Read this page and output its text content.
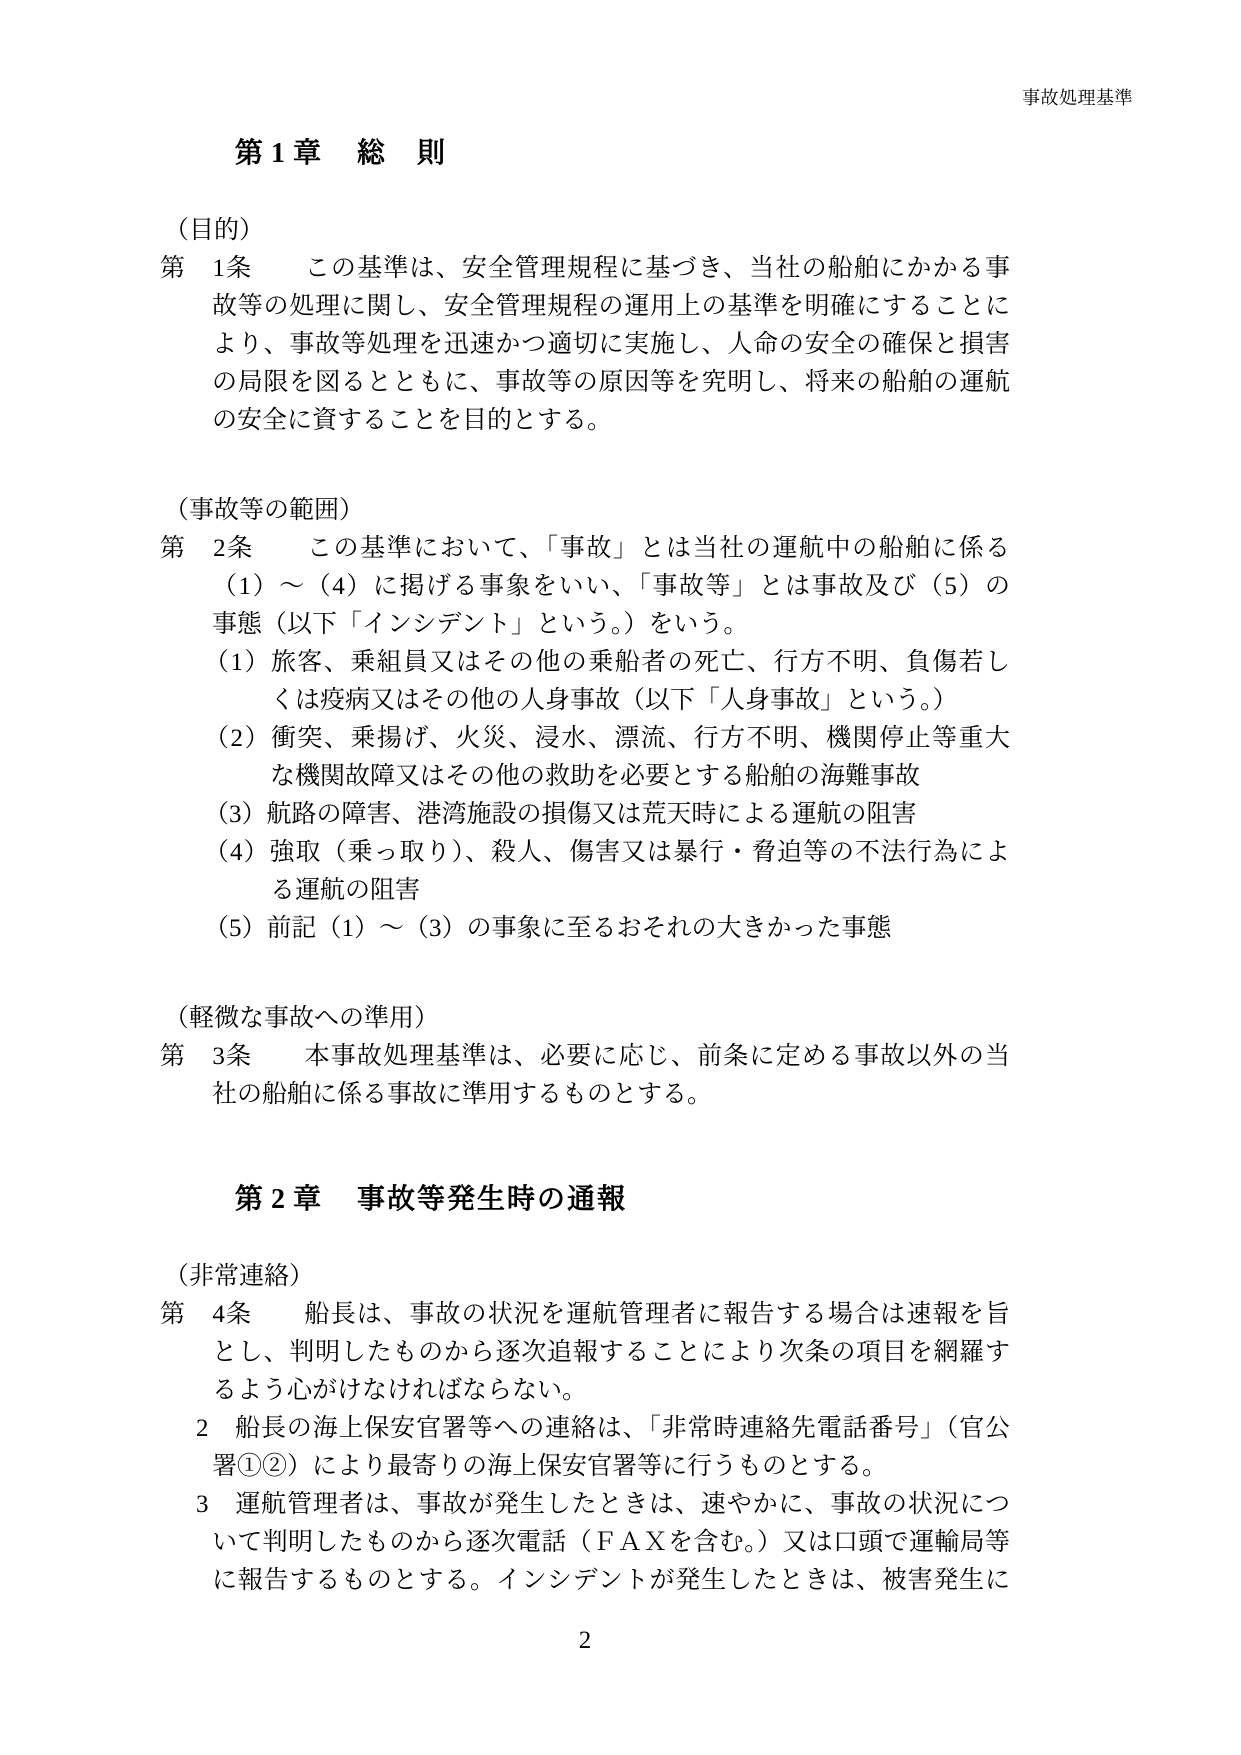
事故処理基準
第1章 総　則
（目的）
第　1条　　この基準は、安全管理規程に基づき、当社の船舶にかかる事
故等の処理に関し、安全管理規程の運用上の基準を明確にすることに
より、事故等処理を迅速かつ適切に実施し、人命の安全の確保と損害
の局限を図るとともに、事故等の原因等を究明し、将来の船舶の運航
の安全に資することを目的とする。
（事故等の範囲）
第　2条　　この基準において、「事故」とは当社の運航中の船舶に係る
（1）～（4）に掲げる事象をいい、「事故等」とは事故及び（5）の
事態（以下「インシデント」という。）をいう。
（1）旅客、乗組員又はその他の乗船者の死亡、行方不明、負傷若し
くは疫病又はその他の人身事故（以下「人身事故」という。）
（2）衝突、乗揚げ、火災、浸水、漂流、行方不明、機関停止等重大
な機関故障又はその他の救助を必要とする船舶の海難事故
（3）航路の障害、港湾施設の損傷又は荒天時による運航の阻害
（4）強取（乗っ取り）、殺人、傷害又は暴行・脅迫等の不法行為によ
る運航の阻害
（5）前記（1）～（3）の事象に至るおそれの大きかった事態
（軽微な事故への準用）
第　3条　　本事故処理基準は、必要に応じ、前条に定める事故以外の当
社の船舶に係る事故に準用するものとする。
第2章 事故等発生時の通報
（非常連絡）
第　4条　　船長は、事故の状況を運航管理者に報告する場合は速報を旨
とし、判明したものから逐次追報することにより次条の項目を網羅す
るよう心がけなければならない。
2　船長の海上保安官署等への連絡は、「非常時連絡先電話番号」（官公
署①②）により最寄りの海上保安官署等に行うものとする。
3　運航管理者は、事故が発生したときは、速やかに、事故の状況につ
いて判明したものから逐次電話（ＦＡＸを含む。）又は口頭で運輸局等
に報告するものとする。インシデントが発生したときは、被害発生に
2
